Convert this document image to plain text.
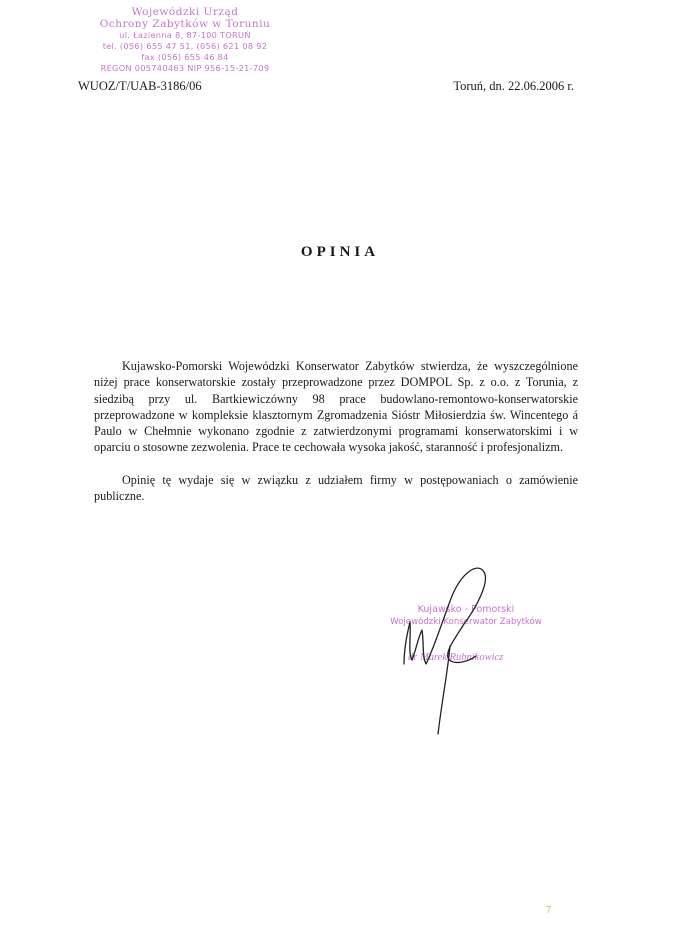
Wojewódzki Urząd
Ochrony Zabytków w Toruniu
ul. Łazienna 8, 87-100 TORUŃ
tel. (056) 655 47 51, (056) 621 08 92
fax (056) 655 46 84
REGON 005740463 NIP 956-15-21-709
WUOZ/T/UAB-3186/06	Toruń, dn. 22.06.2006 r.
OPINIA

Kujawsko-Pomorski Wojewódzki Konserwator Zabytków stwierdza, że wyszczególnione niżej prace konserwatorskie zostały przeprowadzone przez DOMPOL Sp. z o.o. z Torunia, z siedzibą przy ul. Bartkiewiczówny 98 prace budowlano-remontowo-konserwatorskie przeprowadzone w kompleksie klasztornym Zgromadzenia Sióstr Miłosierdzia św. Wincentego á Paulo w Chełmnie wykonano zgodnie z zatwierdzonymi programami konserwatorskimi i w oparciu o stosowne zezwolenia. Prace te cechowała wysoka jakość, staranność i profesjonalizm.

Opinię tę wydaje się w związku z udziałem firmy w postępowaniach o zamówienie publiczne.

Kujawsko - Pomorski
Wojewódzki Konserwator Zabytków
dr Marek Rubnikowicz
7
